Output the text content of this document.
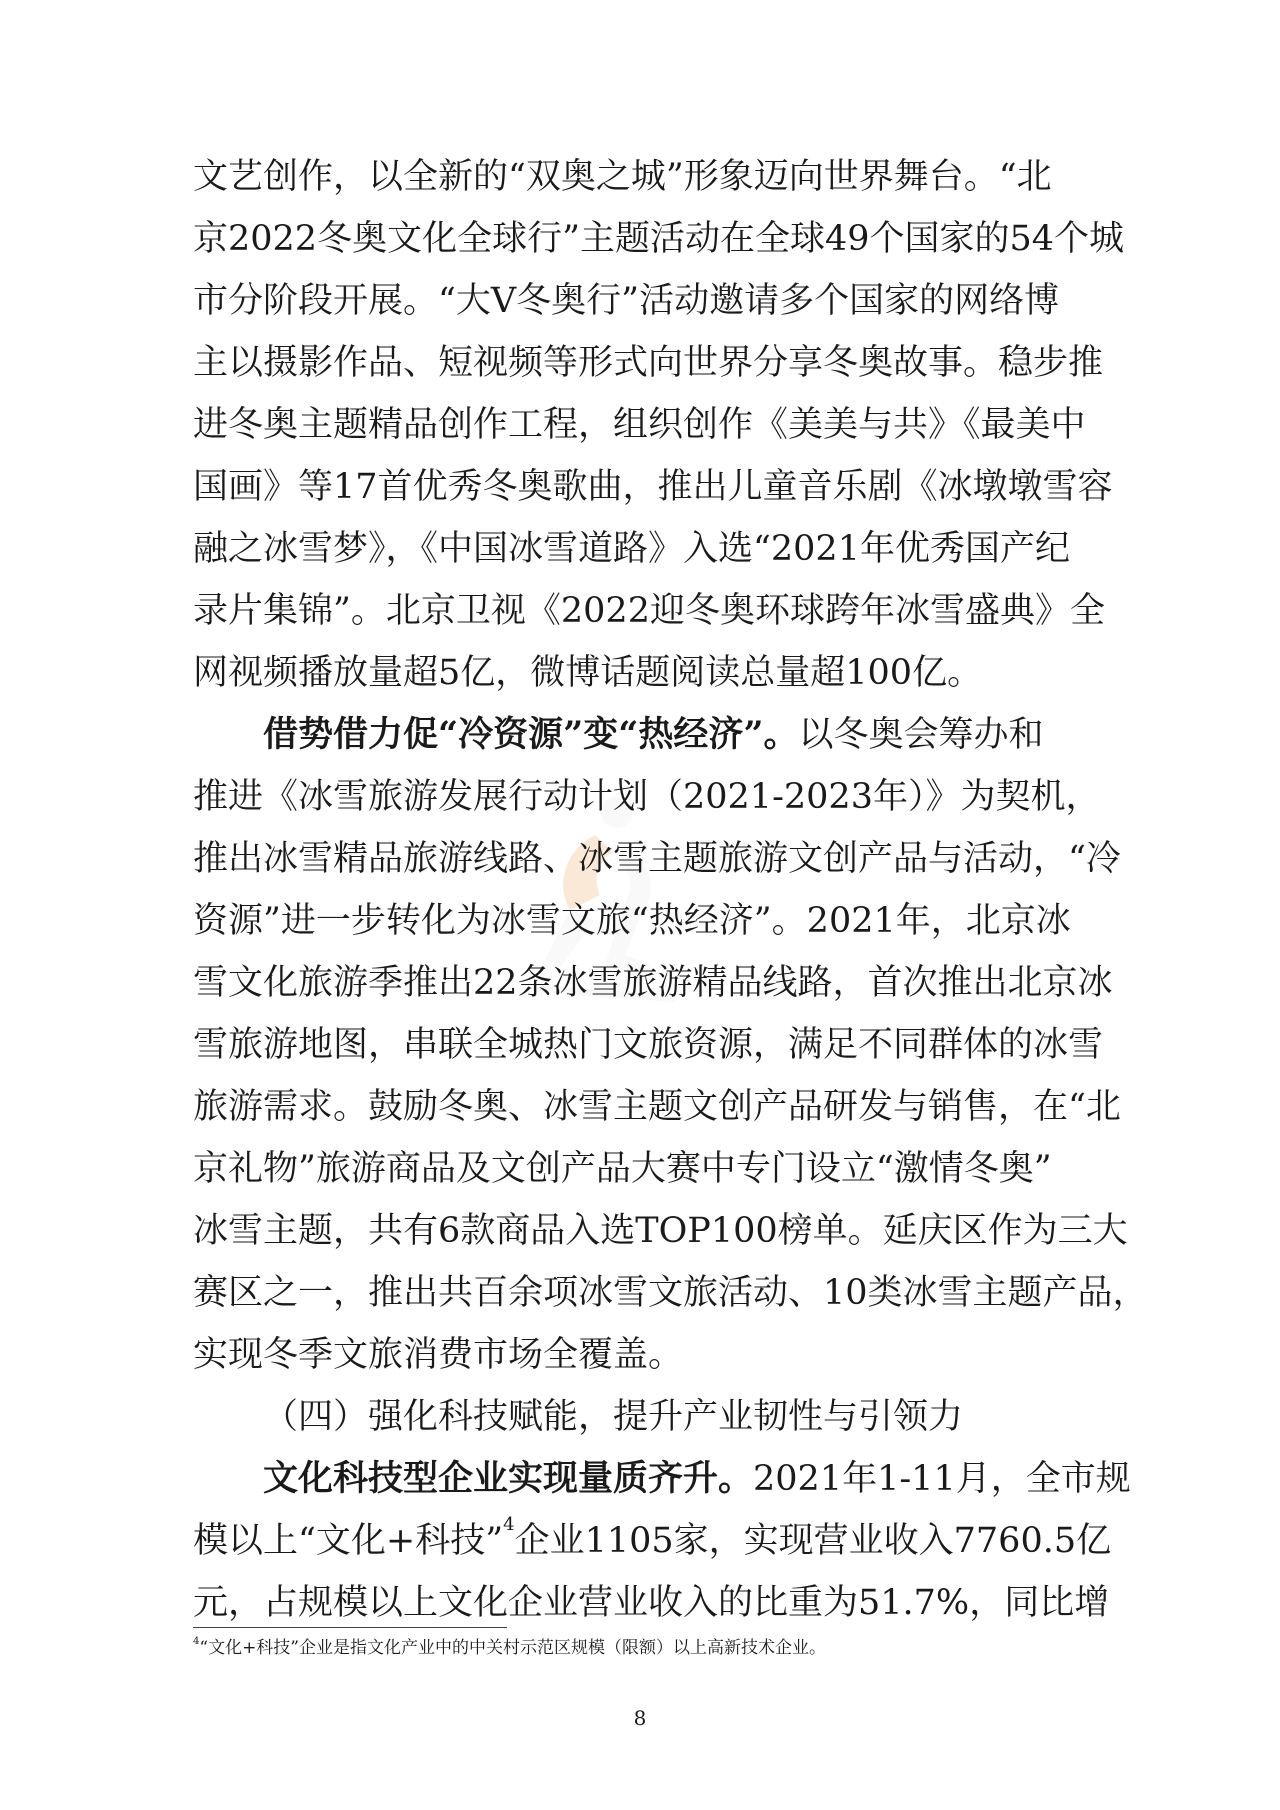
文艺创作，以全新的“双奥之城”形象迈向世界舞台。“北
京2022冬奥文化全球行”主题活动在全球49个国家的54个城
市分阶段开展。“大V冬奥行”活动邀请多个国家的网络博
主以摄影作品、短视频等形式向世界分享冬奥故事。稳步推
进冬奥主题精品创作工程，组织创作《美美与共》《最美中
国画》等17首优秀冬奥歌曲，推出儿童音乐剧《冰墩墩雪容
融之冰雪梦》，《中国冰雪道路》入选“2021年优秀国产纪
录片集锦”。北京卫视《2022迎冬奥环球跨年冰雪盛典》全
网视频播放量超5亿，微博话题阅读总量超100亿。
借势借力促“冷资源”变“热经济”。以冬奥会筹办和
推进《冰雪旅游发展行动计划（2021-2023年）》为契机，
推出冰雪精品旅游线路、冰雪主题旅游文创产品与活动，“冷
资源”进一步转化为冰雪文旅“热经济”。2021年，北京冰
雪文化旅游季推出22条冰雪旅游精品线路，首次推出北京冰
雪旅游地图，串联全城热门文旅资源，满足不同群体的冰雪
旅游需求。鼓励冬奥、冰雪主题文创产品研发与销售，在“北
京礼物”旅游商品及文创产品大赛中专门设立“激情冬奥”
冰雪主题，共有6款商品入选TOP100榜单。延庆区作为三大
赛区之一，推出共百余项冰雪文旅活动、10类冰雪主题产品，
实现冬季文旅消费市场全覆盖。
（四）强化科技赋能，提升产业韧性与引领力
文化科技型企业实现量质齐升。2021年1-11月，全市规
模以上“文化+科技”$^4$企业1105家，实现营业收入7760.5亿
元，占规模以上文化企业营业收入的比重为51.7%，同比增
$^4$“文化+科技”企业是指文化产业中的中关村示范区规模（限额）以上高新技术企业。
8
